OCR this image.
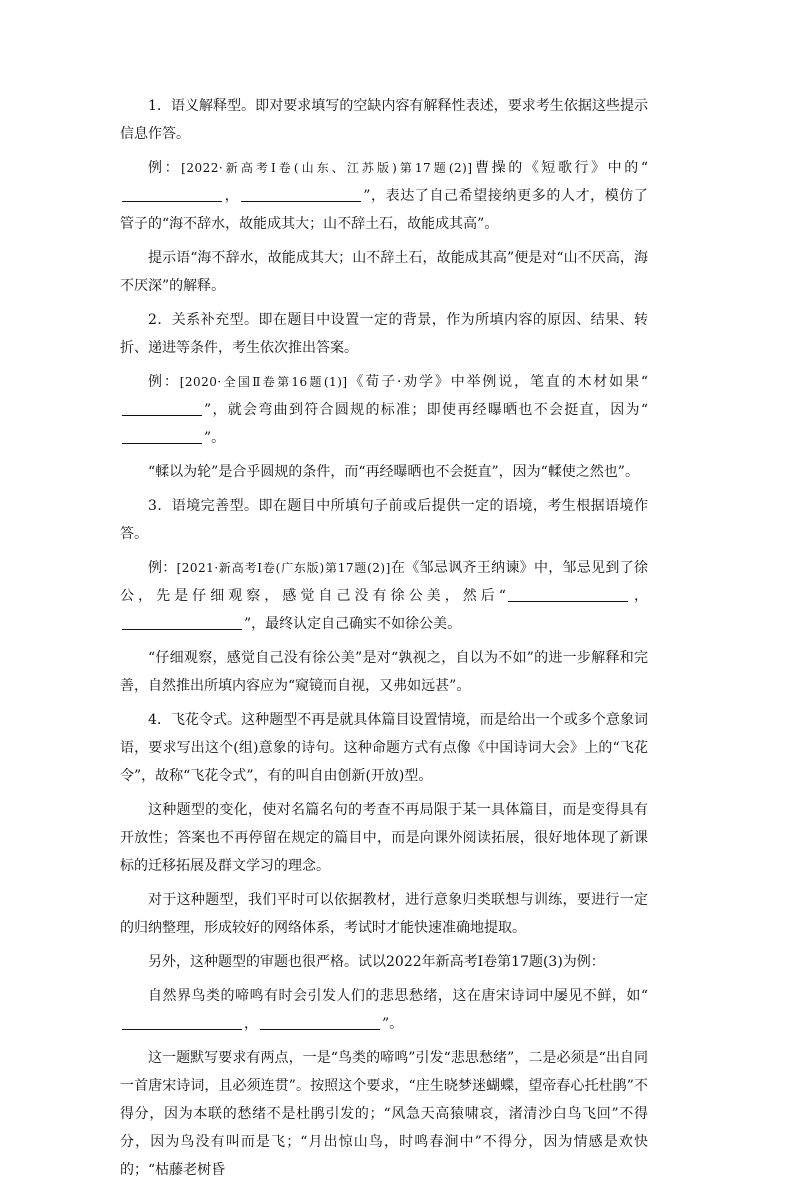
1．语义解释型。即对要求填写的空缺内容有解释性表述，要求考生依据这些提示信息作答。

例：[2022·新高考Ⅰ卷(山东、江苏版)第17题(2)]曹操的《短歌行》中的“，	”，表达了自己希望接纳更多的人才，模仿了管子的“海不辞水，故能成其大；山不辞土石，故能成其高”。

提示语“海不辞水，故能成其大；山不辞土石，故能成其高”便是对“山不厌高，海不厌深”的解释。

2．关系补充型。即在题目中设置一定的背景，作为所填内容的原因、结果、转折、递进等条件，考生依次推出答案。

例：[2020·全国Ⅱ卷第16题(1)]《荀子·劝学》中举例说，笔直的木材如果“”，就会弯曲到符合圆规的标准；即使再经曝晒也不会挺直，因为“”。

“輮以为轮”是合乎圆规的条件，而“再经曝晒也不会挺直”，因为“輮使之然也”。

3．语境完善型。即在题目中所填句子前或后提供一定的语境，考生根据语境作答。

例：[2021·新高考Ⅰ卷(广东版)第17题(2)]在《邹忌讽齐王纳谏》中，邹忌见到了徐公，先是仔细观察，感觉自己没有徐公美，然后“	，”，最终认定自己确实不如徐公美。

“仔细观察，感觉自己没有徐公美”是对“孰视之，自以为不如”的进一步解释和完善，自然推出所填内容应为“窥镜而自视，又弗如远甚”。

4．飞花令式。这种题型不再是就具体篇目设置情境，而是给出一个或多个意象词语，要求写出这个(组)意象的诗句。这种命题方式有点像《中国诗词大会》上的“飞花令”，故称“飞花令式”，有的叫自由创新(开放)型。

这种题型的变化，使对名篇名句的考查不再局限于某一具体篇目，而是变得具有开放性；答案也不再停留在规定的篇目中，而是向课外阅读拓展，很好地体现了新课标的迁移拓展及群文学习的理念。

对于这种题型，我们平时可以依据教材，进行意象归类联想与训练，要进行一定的归纳整理，形成较好的网络体系，考试时才能快速准确地提取。

另外，这种题型的审题也很严格。试以2022年新高考Ⅰ卷第17题(3)为例：

自然界鸟类的啼鸣有时会引发人们的悲思愁绪，这在唐宋诗词中屡见不鲜，如“，	”。

这一题默写要求有两点，一是“鸟类的啼鸣”引发“悲思愁绪”，二是必须是“出自同一首唐宋诗词，且必须连贯”。按照这个要求，“庄生晓梦迷蝴蝶，望帝春心托杜鹃”不得分，因为本联的愁绪不是杜鹃引发的；“风急天高猿啸哀，渚清沙白鸟飞回”不得分，因为鸟没有叫而是飞；“月出惊山鸟，时鸣春涧中”不得分，因为情感是欢快的；“枯藤老树昏
